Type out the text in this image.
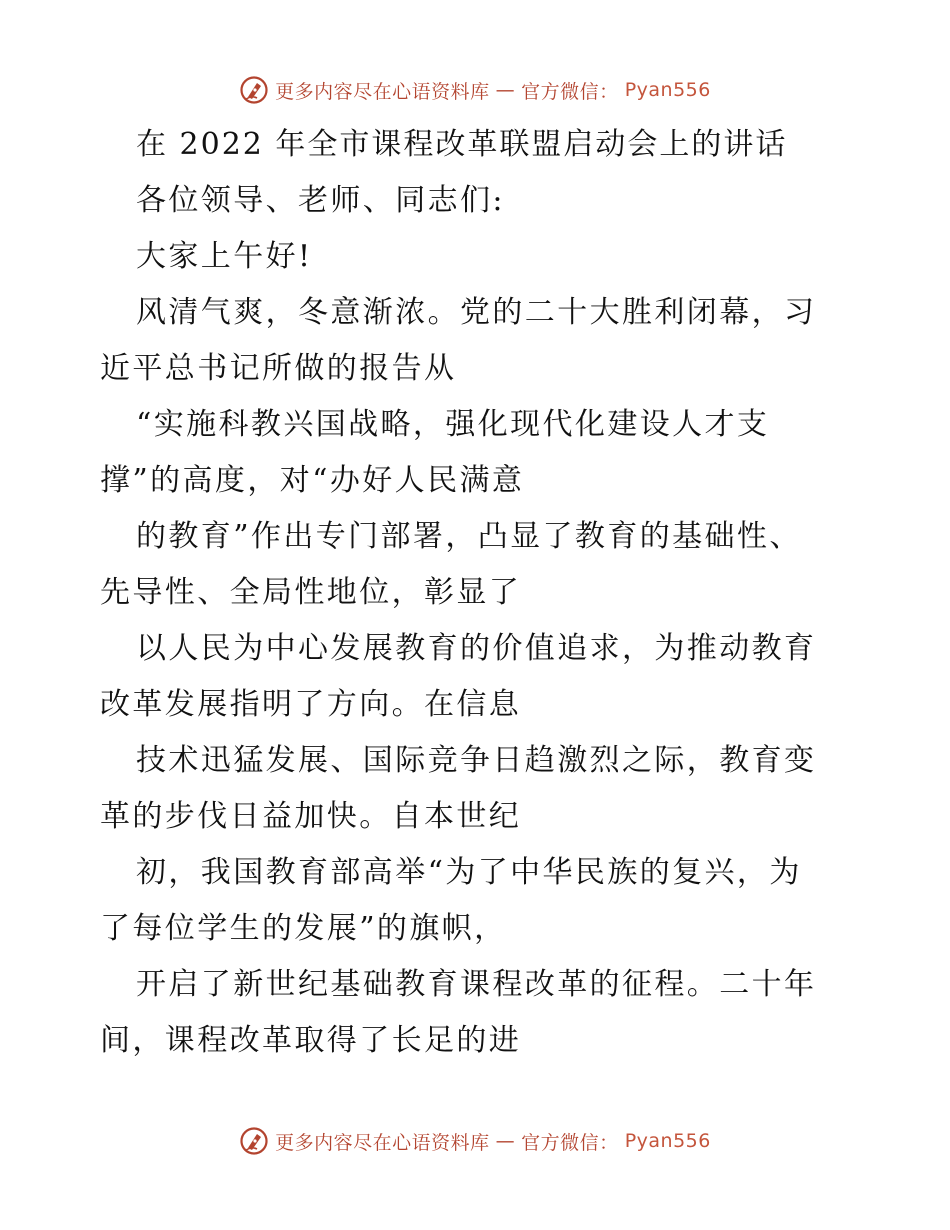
更多内容尽在心语资料库 — 官方微信： Pyan556
在 2022 年全市课程改革联盟启动会上的讲话
各位领导、老师、同志们:
大家上午好!
风清气爽，冬意渐浓。党的二十大胜利闭幕，习
近平总书记所做的报告从
“实施科教兴国战略，强化现代化建设人才支
撑”的高度，对“办好人民满意
的教育”作出专门部署，凸显了教育的基础性、
先导性、全局性地位，彰显了
以人民为中心发展教育的价值追求，为推动教育
改革发展指明了方向。在信息
技术迅猛发展、国际竞争日趋激烈之际，教育变
革的步伐日益加快。自本世纪
初，我国教育部高举“为了中华民族的复兴，为
了每位学生的发展”的旗帜，
开启了新世纪基础教育课程改革的征程。二十年
间，课程改革取得了长足的进
更多内容尽在心语资料库 — 官方微信： Pyan556
